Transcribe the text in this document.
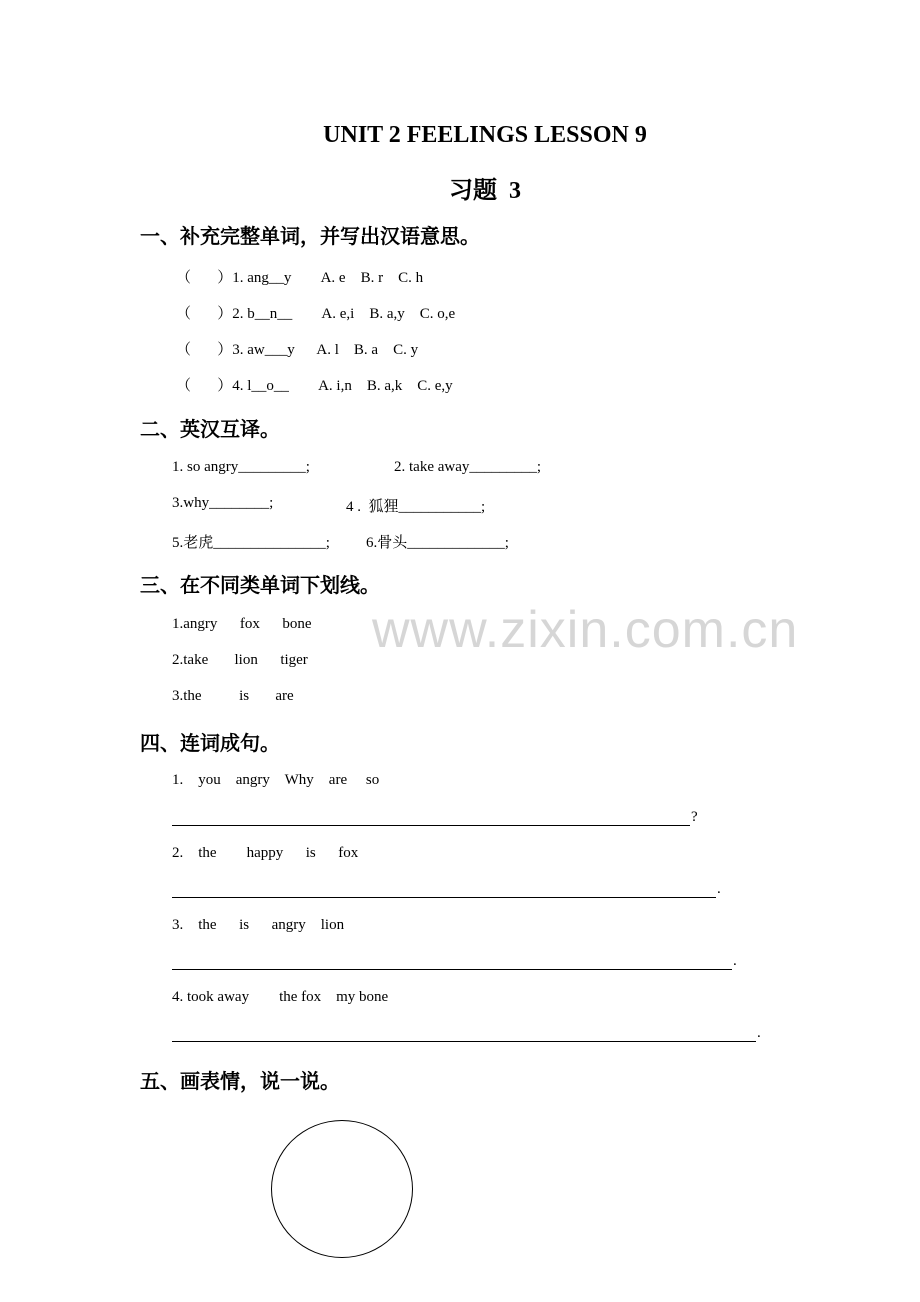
www.zixin.com.cn
UNIT 2 FEELINGS LESSON 9
习题  3
一、补充完整单词，并写出汉语意思。
（       ）1. ang__y        A. e    B. r    C. h
（       ）2. b__n__        A. e,i    B. a,y    C. o,e
（       ）3. aw___y      A. l    B. a    C. y
（       ）4. l__o__        A. i,n    B. a,k    C. e,y
二、英汉互译。
1. so angry_________;	2. take away_________;
3.why________;	4 .  狐狸___________;
5.老虎_______________; 6.骨头_____________;
三、在不同类单词下划线。
1.angry      fox      bone
2.take       lion      tiger
3.the          is       are
四、连词成句。
1.    you    angry    Why    are     so
?
2.    the        happy      is      fox
.
3.    the      is      angry    lion
.
4. took away        the fox    my bone
.
五、画表情，说一说。
